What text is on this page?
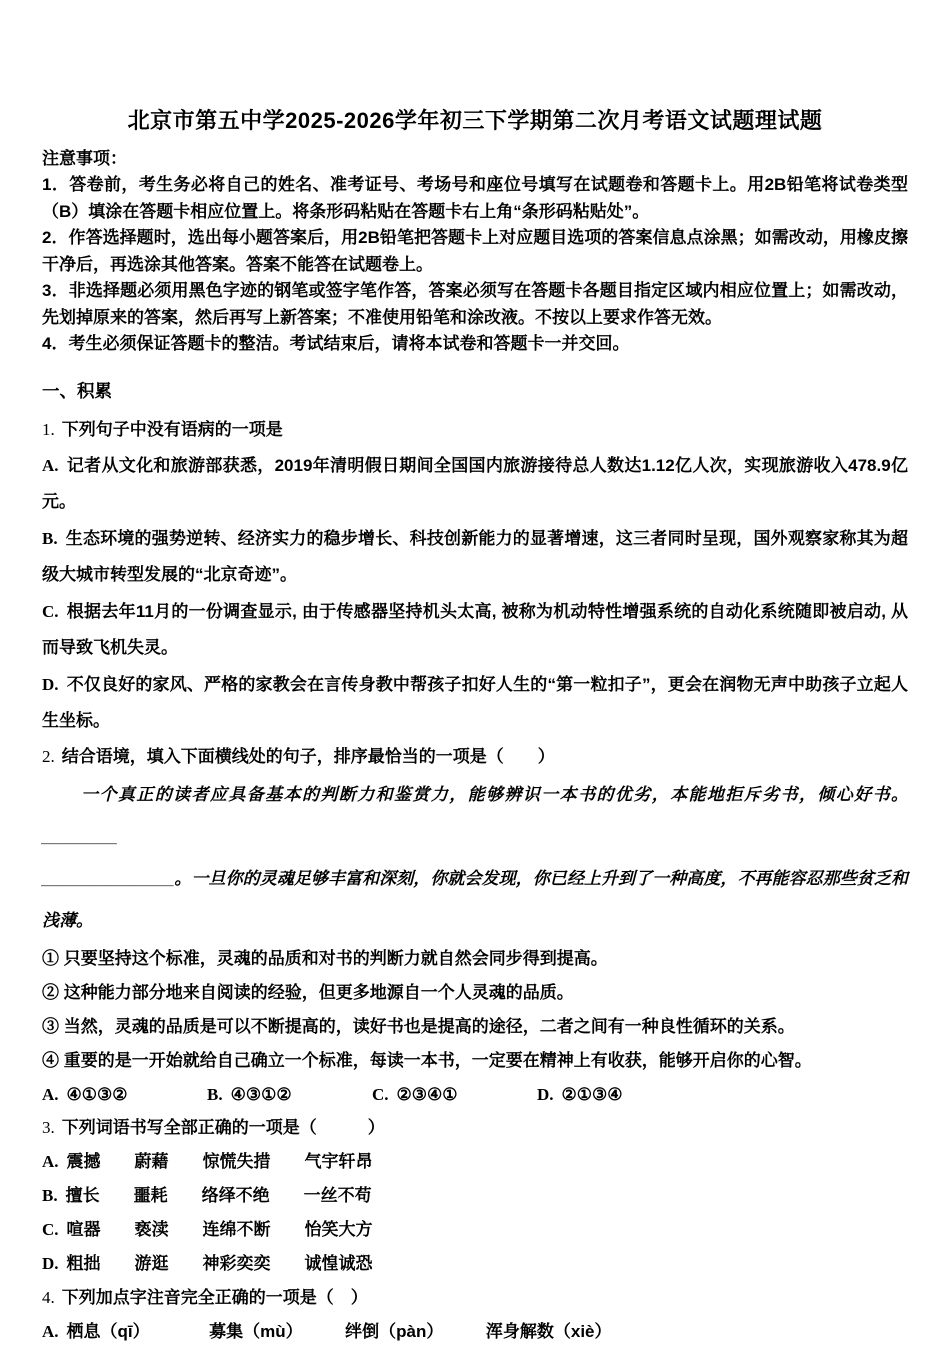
北京市第五中学2025-2026学年初三下学期第二次月考语文试题理试题

注意事项：

1．答卷前，考生务必将自己的姓名、准考证号、考场号和座位号填写在试题卷和答题卡上。用2B铅笔将试卷类型（B）填涂在答题卡相应位置上。将条形码粘贴在答题卡右上角“条形码粘贴处”。

2．作答选择题时，选出每小题答案后，用2B铅笔把答题卡上对应题目选项的答案信息点涂黑；如需改动，用橡皮擦干净后，再选涂其他答案。答案不能答在试题卷上。

3．非选择题必须用黑色字迹的钢笔或签字笔作答，答案必须写在答题卡各题目指定区域内相应位置上；如需改动，先划掉原来的答案，然后再写上新答案；不准使用铅笔和涂改液。不按以上要求作答无效。

4．考生必须保证答题卡的整洁。考试结束后，请将本试卷和答题卡一并交回。

一、积累

1. 下列句子中没有语病的一项是

A. 记者从文化和旅游部获悉，2019年清明假日期间全国国内旅游接待总人数达1.12亿人次，实现旅游收入478.9亿元。

B. 生态环境的强势逆转、经济实力的稳步增长、科技创新能力的显著增速，这三者同时呈现，国外观察家称其为超级大城市转型发展的“北京奇迹”。

C. 根据去年11月的一份调查显示, 由于传感器坚持机头太高, 被称为机动特性增强系统的自动化系统随即被启动, 从而导致飞机失灵。

D. 不仅良好的家风、严格的家教会在言传身教中帮孩子扣好人生的“第一粒扣子”，更会在润物无声中助孩子立起人生坐标。

2. 结合语境，填入下面横线处的句子，排序最恰当的一项是（　　）

一个真正的读者应具备基本的判断力和鉴赏力，能够辨识一本书的优劣，本能地拒斥劣书，倾心好书。________

______________。一旦你的灵魂足够丰富和深刻，你就会发现，你已经上升到了一种高度，不再能容忍那些贫乏和浅薄。

① 只要坚持这个标准，灵魂的品质和对书的判断力就自然会同步得到提高。

② 这种能力部分地来自阅读的经验，但更多地源自一个人灵魂的品质。

③ 当然，灵魂的品质是可以不断提高的，读好书也是提高的途径，二者之间有一种良性循环的关系。

④ 重要的是一开始就给自己确立一个标准，每读一本书，一定要在精神上有收获，能够开启你的心智。

A. ④①③②	B. ④③①②	C. ②③④①	D. ②①③④

3. 下列词语书写全部正确的一项是（　　　）

A. 震撼　　蔚藉　　惊慌失措　　气宇轩昂

B. 擅长　　噩耗　　络绎不绝　　一丝不苟

C. 喧器　　亵渎　　连绵不断　　怡笑大方

D. 粗拙　　游逛　　神彩奕奕　　诚惶诚恐

4. 下列加点字注音完全正确的一项是（　）

A. 栖息（qī）　　　　募集（mù）　　　绊倒（pàn）　　　浑身解数（xiè）
